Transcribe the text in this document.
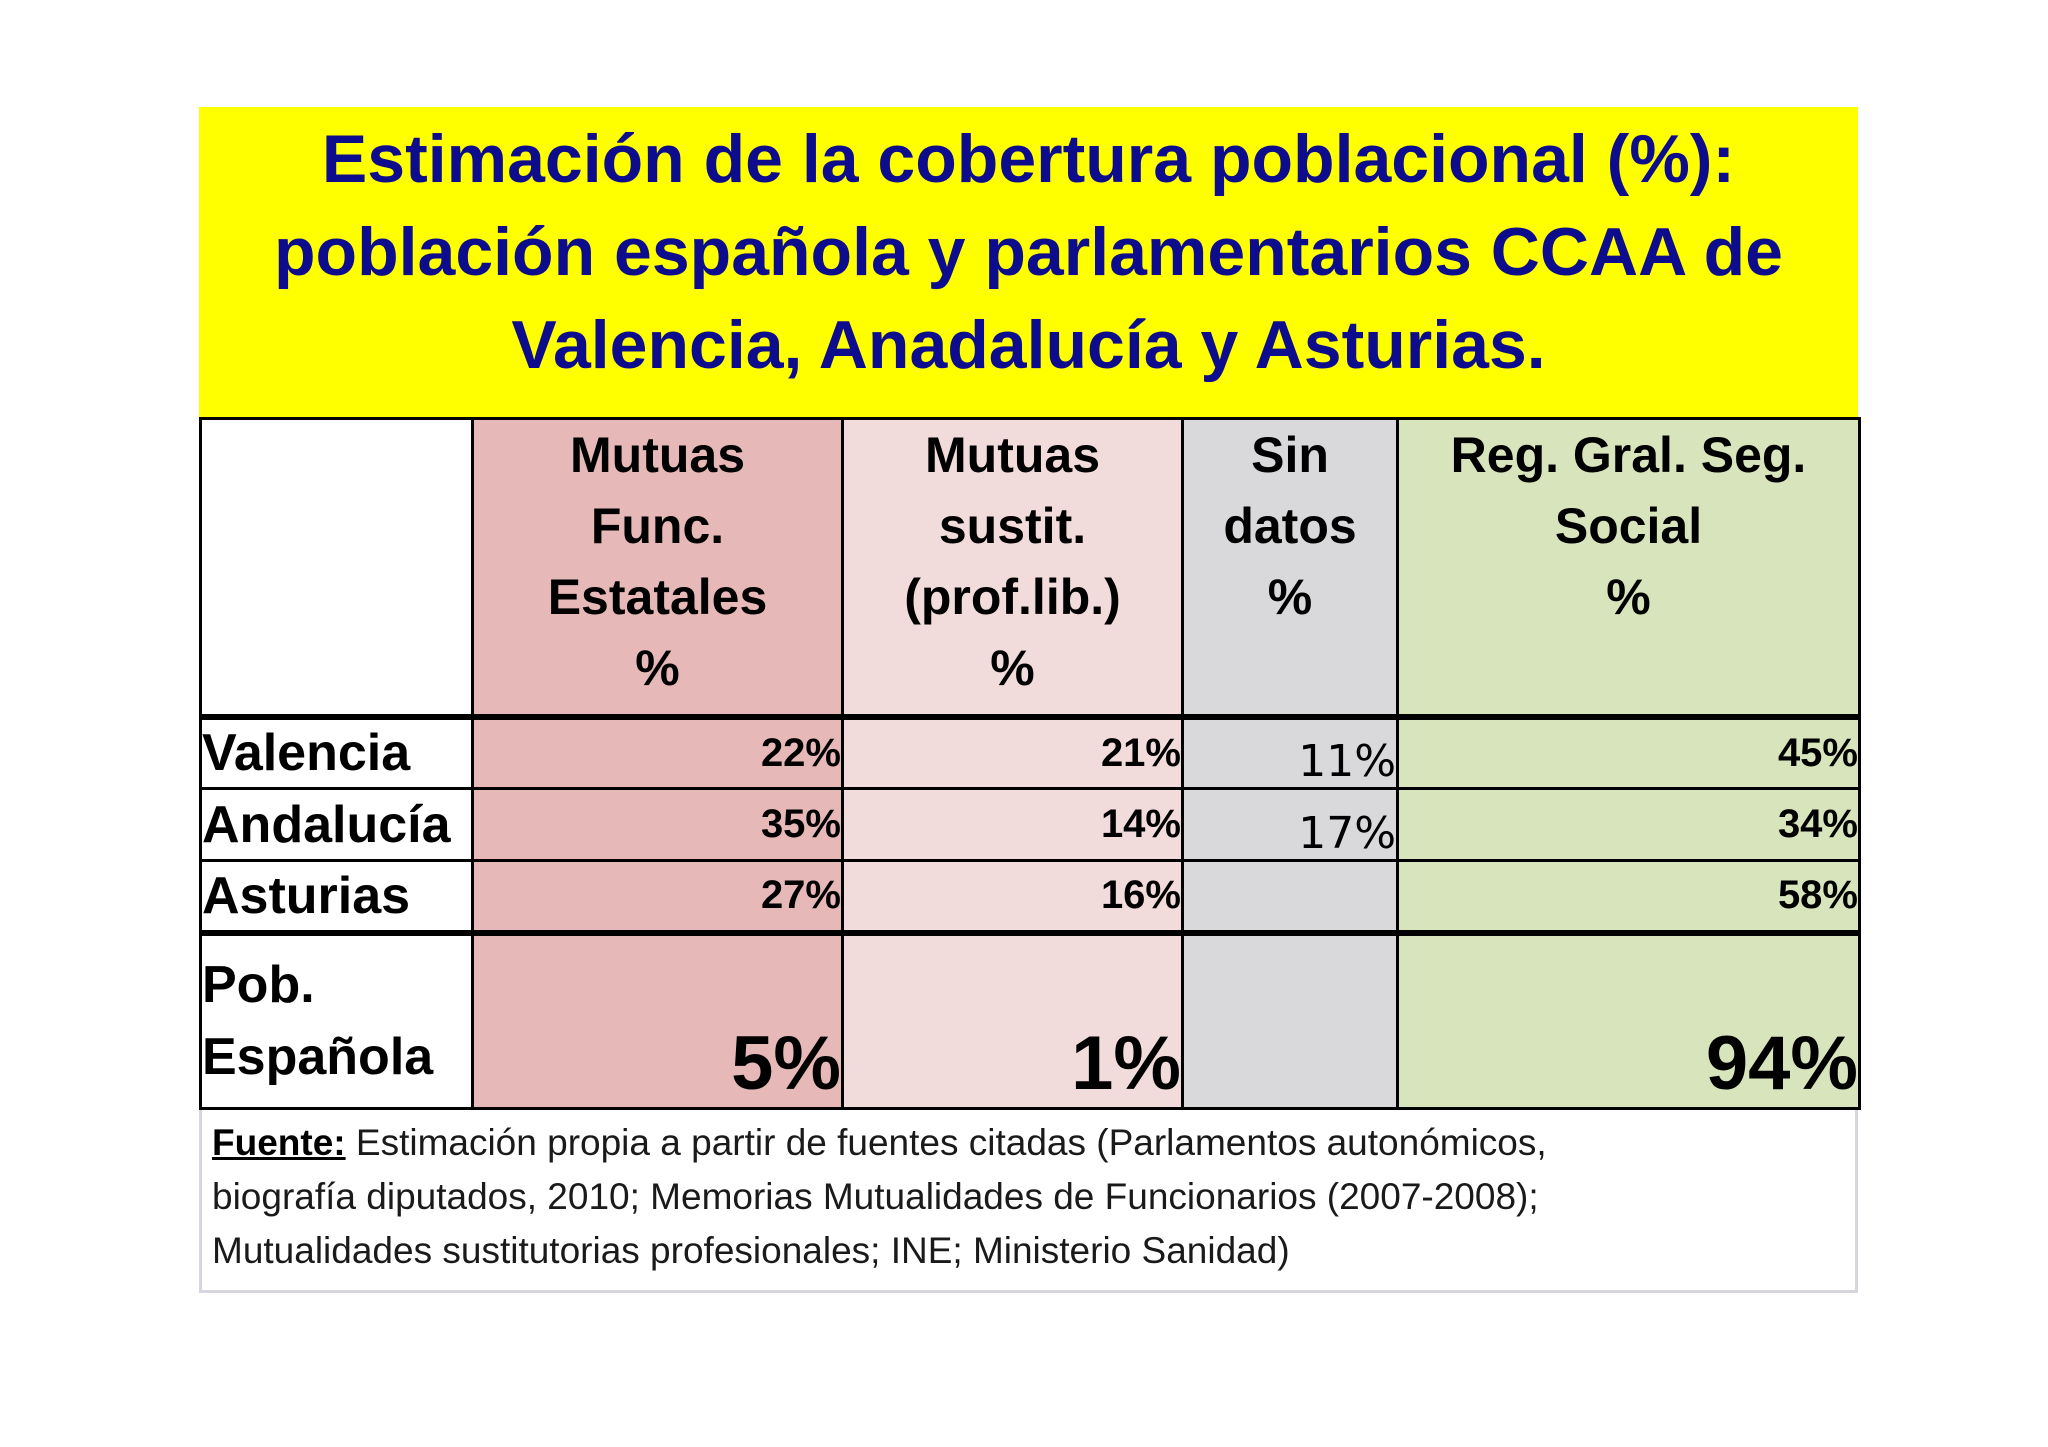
Estimación de la cobertura poblacional (%):
población española y parlamentarios CCAA de
Valencia, Anadalucía y Asturias.

	Mutuas
Func.
Estatales
%	Mutuas
sustit.
(prof.lib.)
%	Sin
datos
%	Reg. Gral. Seg.
Social
%

Valencia	22%	21%	11%	45%
Andalucía	35%	14%	17%	34%
Asturias	27%	16%		58%

Pob.
Española	5%	1%		94%
Fuente: Estimación propia a partir de fuentes citadas (Parlamentos autonómicos,
biografía diputados, 2010; Memorias Mutualidades de Funcionarios (2007-2008);
Mutualidades sustitutorias profesionales; INE; Ministerio Sanidad)
